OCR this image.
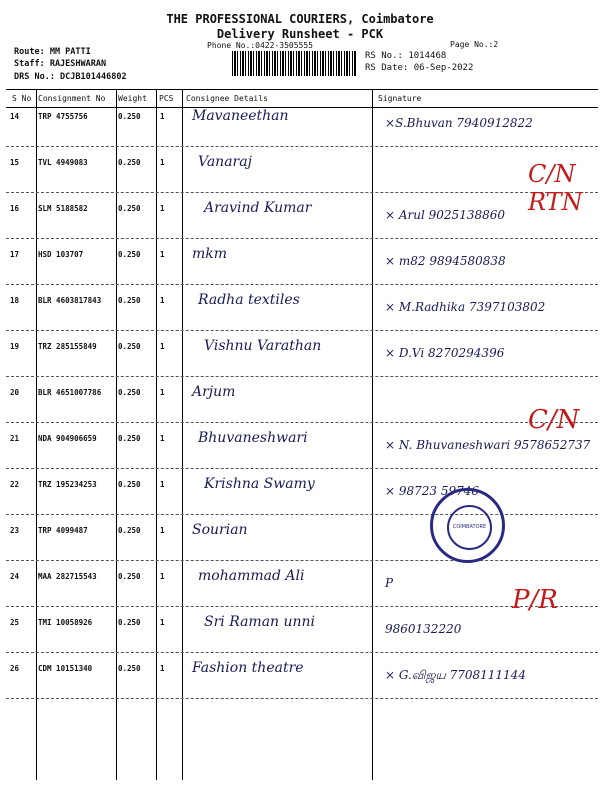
THE PROFESSIONAL COURIERS, Coimbatore
Delivery Runsheet - PCK
Phone No.:0422-3505555	Page No.:2
Route: MM PATTI
Staff: RAJESHWARAN
DRS No.: DCJB101446802
RS No.: 1014468
RS Date: 06-Sep-2022
S No Consignment No Weight PCS Consignee Details	Signature
14	TRP 4755756	0.250	1 Mavaneethan	×S.Bhuvan 7940912822
15	TVL 4949083	0.250	1 Vanaraj
16	SLM 5188582	0.250	1	Aravind Kumar	× Arul 9025138860
17	HSD 103707	0.250	1 mkm	× m82 9894580838
18	BLR 4603817843 0.250	1 Radha textiles	× M.Radhika 7397103802
19	TRZ 285155849	0.250	1	Vishnu Varathan	× D.Vi 8270294396
20	BLR 4651007786 0.250	1 Arjum
21	NDA 904906659	0.250	1 Bhuvaneshwari	× N. Bhuvaneshwari 9578652737
22	TRZ 195234253	0.250	1	Krishna Swamy	× 98723 59746
23	TRP 4099487	0.250	1 Sourian
24	MAA 282715543	0.250	1 mohammad Ali	P
25	TMI 10058926	0.250	1	Sri Raman unni	9860132220
26	CDM 10151340	0.250	1 Fashion theatre	× G.விஜய 7708111144
C/N RTN
C/N
P/R
COIMBATORE
